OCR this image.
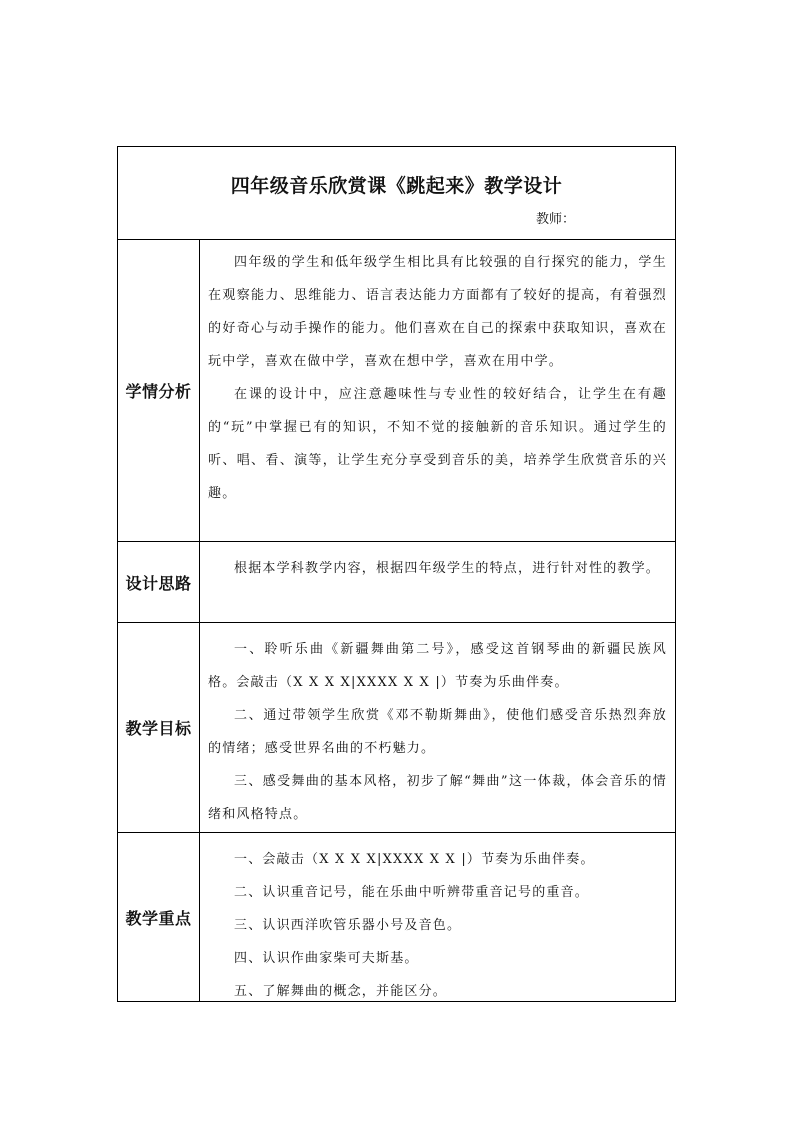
四年级音乐欣赏课《跳起来》教学设计
教师：
学情分析

四年级的学生和低年级学生相比具有比较强的自行探究的能力，学生在观察能力、思维能力、语言表达能力方面都有了较好的提高，有着强烈的好奇心与动手操作的能力。他们喜欢在自己的探索中获取知识，喜欢在玩中学，喜欢在做中学，喜欢在想中学，喜欢在用中学。

在课的设计中，应注意趣味性与专业性的较好结合，让学生在有趣的“玩”中掌握已有的知识，不知不觉的接触新的音乐知识。通过学生的听、唱、看、演等，让学生充分享受到音乐的美，培养学生欣赏音乐的兴趣。

设计思路

根据本学科教学内容，根据四年级学生的特点，进行针对性的教学。

教学目标

一、聆听乐曲《新疆舞曲第二号》，感受这首钢琴曲的新疆民族风格。会敲击（X X X X|XXXX X X |）节奏为乐曲伴奏。

二、通过带领学生欣赏《邓不勒斯舞曲》，使他们感受音乐热烈奔放的情绪；感受世界名曲的不朽魅力。

三、感受舞曲的基本风格，初步了解“舞曲”这一体裁，体会音乐的情绪和风格特点。

教学重点

一、会敲击（X X X X|XXXX X X |）节奏为乐曲伴奏。

二、认识重音记号，能在乐曲中听辨带重音记号的重音。

三、认识西洋吹管乐器小号及音色。

四、认识作曲家柴可夫斯基。

五、了解舞曲的概念，并能区分。
